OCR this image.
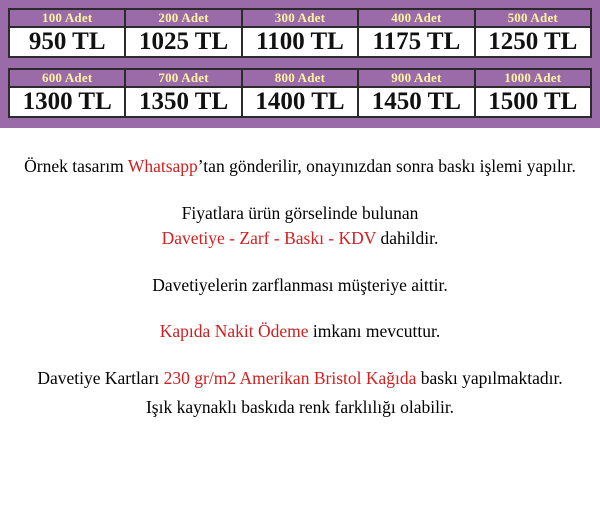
100 Adet	200 Adet	300 Adet	400 Adet	500 Adet
950 TL	1025 TL	1100 TL	1175 TL	1250 TL
600 Adet	700 Adet	800 Adet	900 Adet	1000 Adet
1300 TL	1350 TL	1400 TL	1450 TL	1500 TL

Örnek tasarım Whatsapp’tan gönderilir, onayınızdan sonra baskı işlemi yapılır.

Fiyatlara ürün görselinde bulunan
Davetiye - Zarf - Baskı - KDV dahildir.

Davetiyelerin zarflanması müşteriye aittir.

Kapıda Nakit Ödeme imkanı mevcuttur.

Davetiye Kartları 230 gr/m2 Amerikan Bristol Kağıda baskı yapılmaktadır.

Işık kaynaklı baskıda renk farklılığı olabilir.
